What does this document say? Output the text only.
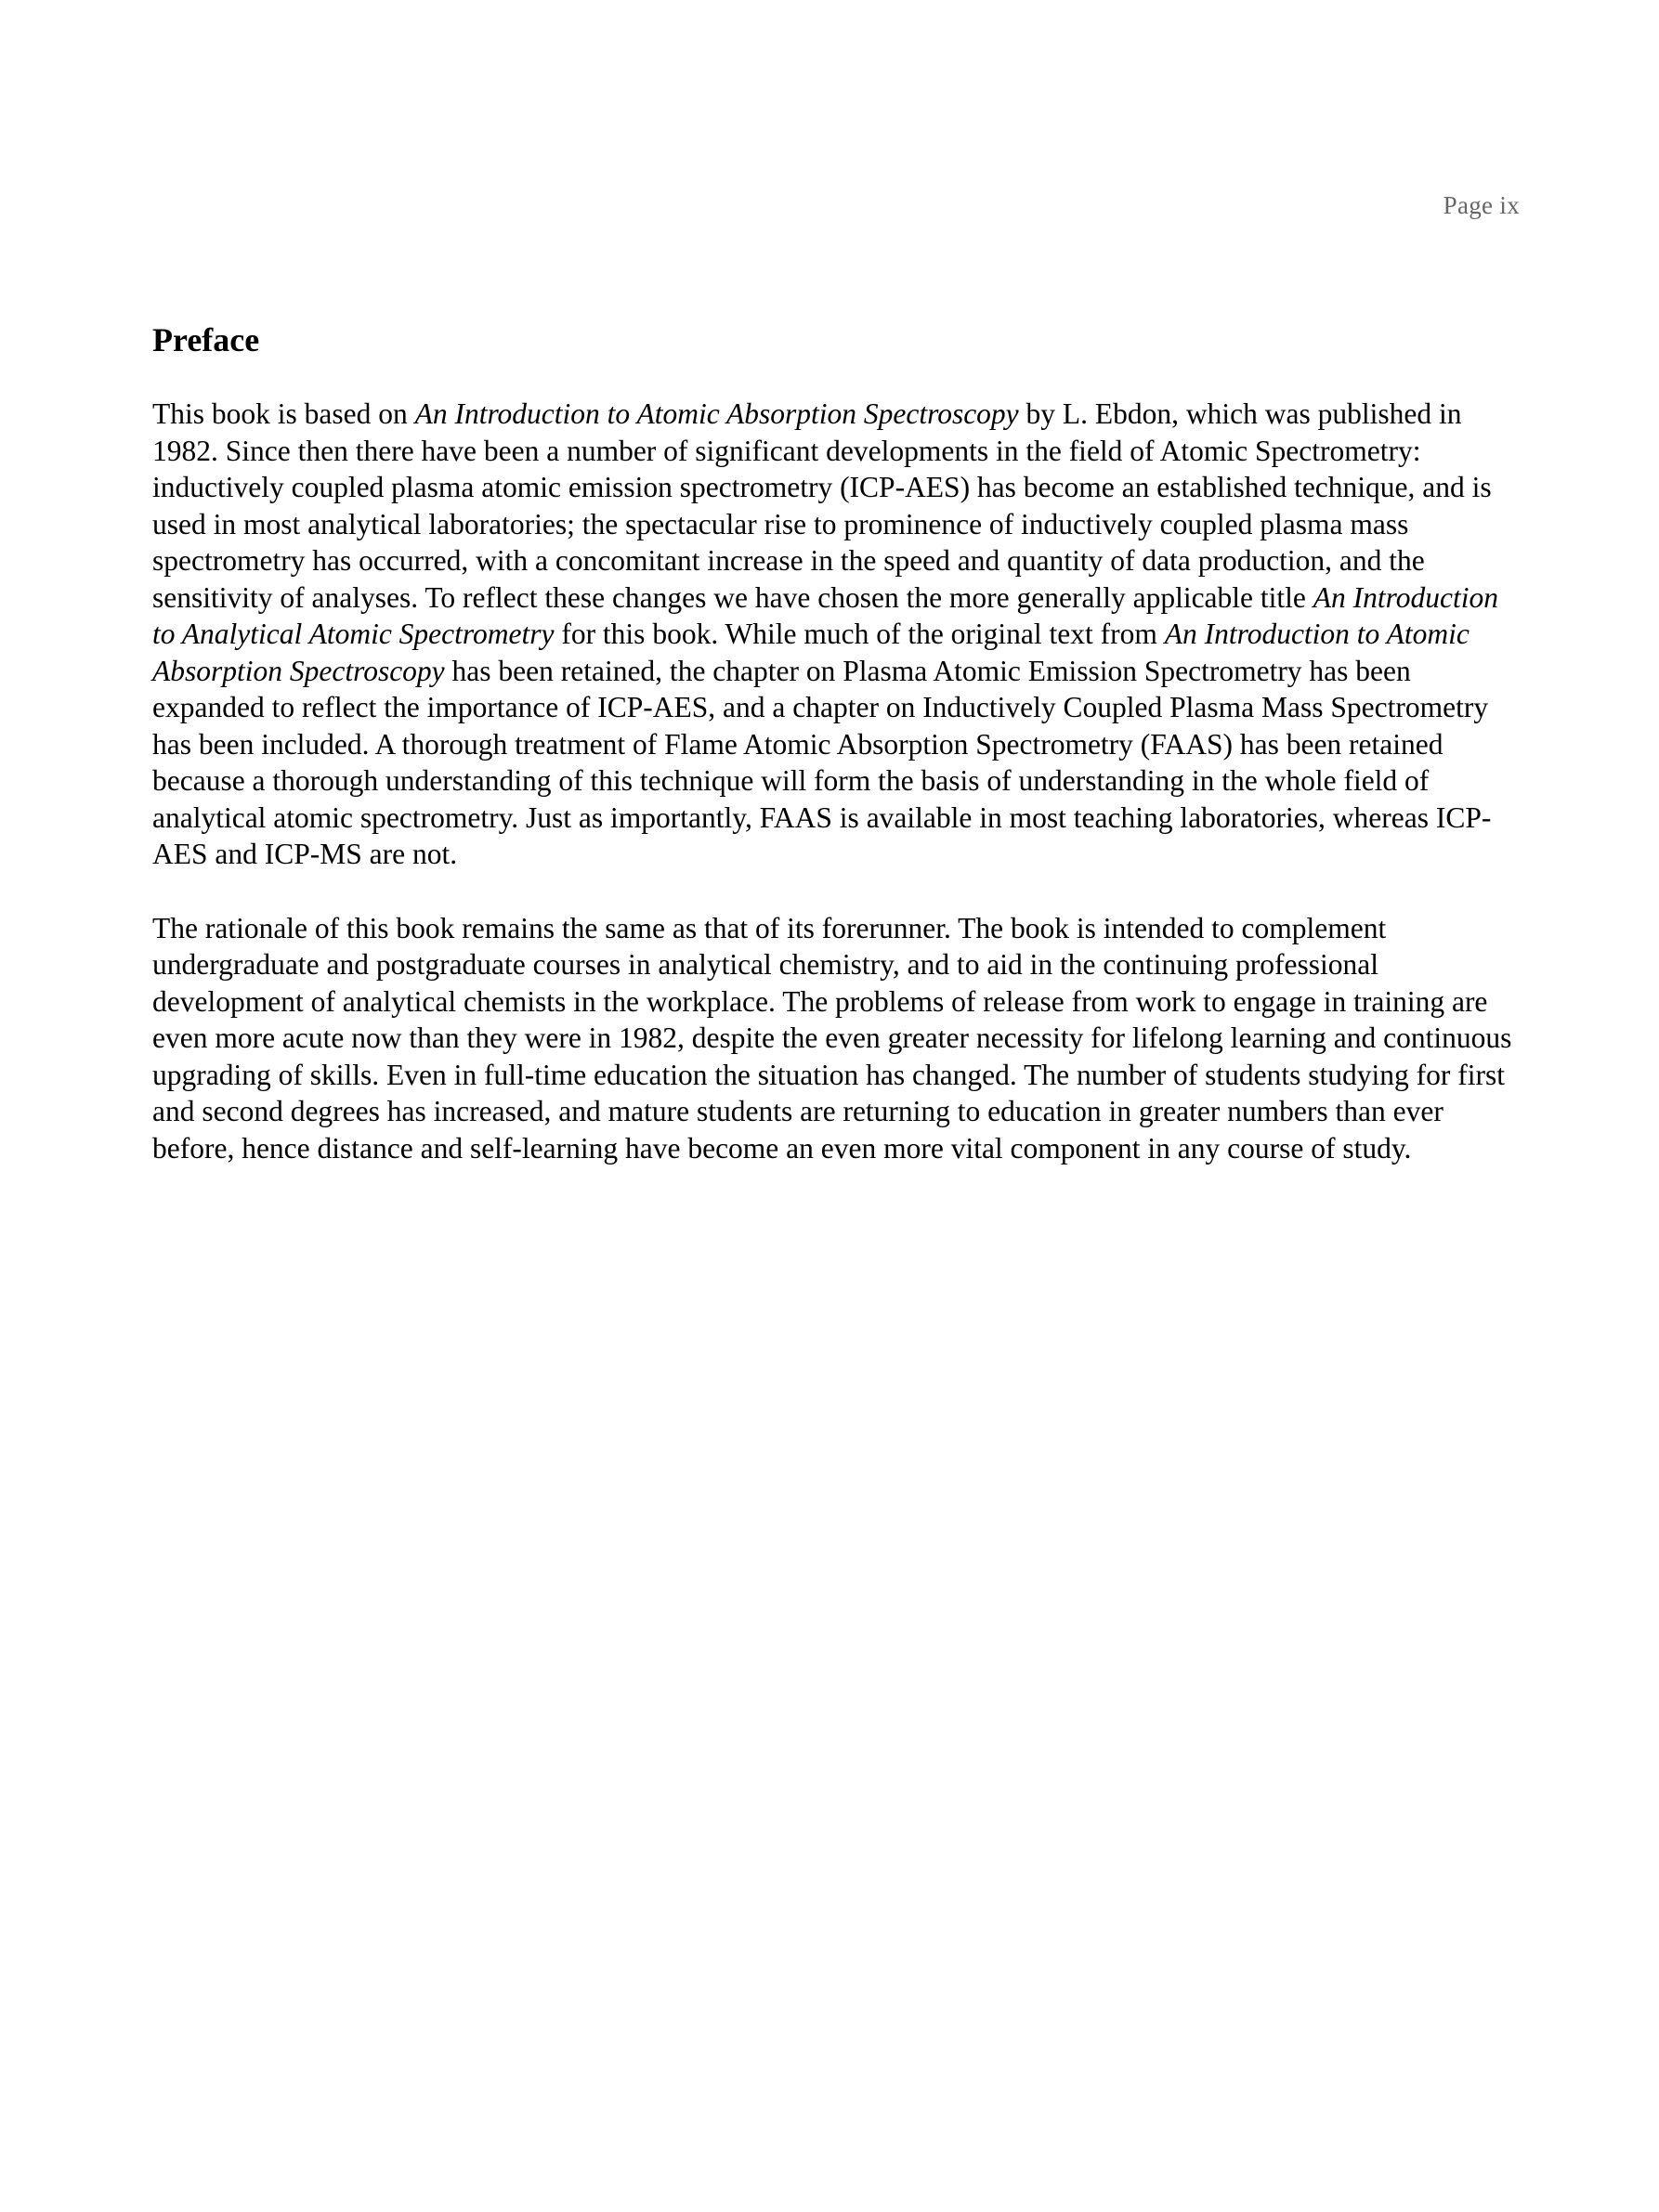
Page ix
Preface

This book is based on An Introduction to Atomic Absorption Spectroscopy by L. Ebdon, which was published in 1982. Since then there have been a number of significant developments in the field of Atomic Spectrometry: inductively coupled plasma atomic emission spectrometry (ICP-AES) has become an established technique, and is used in most analytical laboratories; the spectacular rise to prominence of inductively coupled plasma mass spectrometry has occurred, with a concomitant increase in the speed and quantity of data production, and the sensitivity of analyses. To reflect these changes we have chosen the more generally applicable title An Introduction to Analytical Atomic Spectrometry for this book. While much of the original text from An Introduction to Atomic Absorption Spectroscopy has been retained, the chapter on Plasma Atomic Emission Spectrometry has been expanded to reflect the importance of ICP-AES, and a chapter on Inductively Coupled Plasma Mass Spectrometry has been included. A thorough treatment of Flame Atomic Absorption Spectrometry (FAAS) has been retained because a thorough understanding of this technique will form the basis of understanding in the whole field of analytical atomic spectrometry. Just as importantly, FAAS is available in most teaching laboratories, whereas ICP-AES and ICP-MS are not.

The rationale of this book remains the same as that of its forerunner. The book is intended to complement undergraduate and postgraduate courses in analytical chemistry, and to aid in the continuing professional development of analytical chemists in the workplace. The problems of release from work to engage in training are even more acute now than they were in 1982, despite the even greater necessity for lifelong learning and continuous upgrading of skills. Even in full-time education the situation has changed. The number of students studying for first and second degrees has increased, and mature students are returning to education in greater numbers than ever before, hence distance and self-learning have become an even more vital component in any course of study.
